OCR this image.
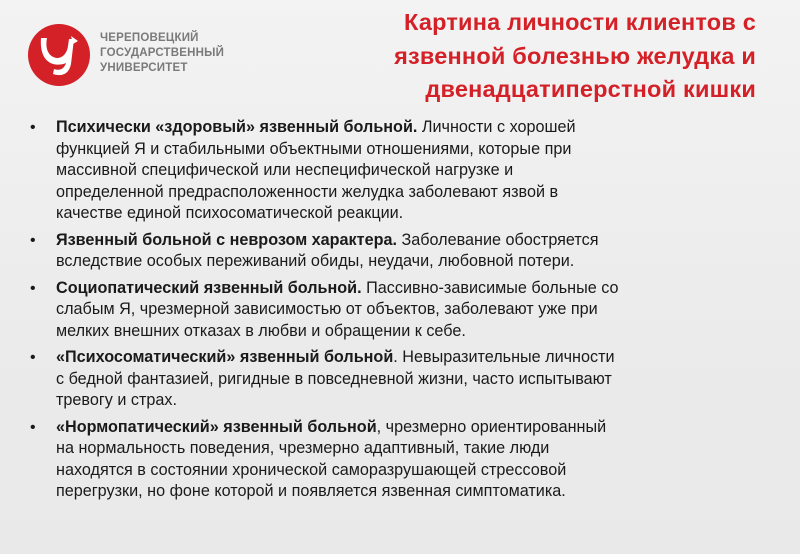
ЧЕРЕПОВЕЦКИЙ
ГОСУДАРСТВЕННЫЙ
УНИВЕРСИТЕТ
Картина личности клиентов с
язвенной болезнью желудка и
двенадцатиперстной кишки
• Психически «здоровый» язвенный больной. Личности с хорошей
функцией Я и стабильными объектными отношениями, которые при
массивной специфической или неспецифической нагрузке и
определенной предрасположенности желудка заболевают язвой в
качестве единой психосоматической реакции.
• Язвенный больной с неврозом характера. Заболевание обостряется
вследствие особых переживаний обиды, неудачи, любовной потери.
• Социопатический язвенный больной. Пассивно-зависимые больные со
слабым Я, чрезмерной зависимостью от объектов, заболевают уже при
мелких внешних отказах в любви и обращении к себе.
• «Психосоматический» язвенный больной. Невыразительные личности
с бедной фантазией, ригидные в повседневной жизни, часто испытывают
тревогу и страх.
• «Нормопатический» язвенный больной, чрезмерно ориентированный
на нормальность поведения, чрезмерно адаптивный, такие люди
находятся в состоянии хронической саморазрушающей стрессовой
перегрузки, но фоне которой и появляется язвенная симптоматика.
